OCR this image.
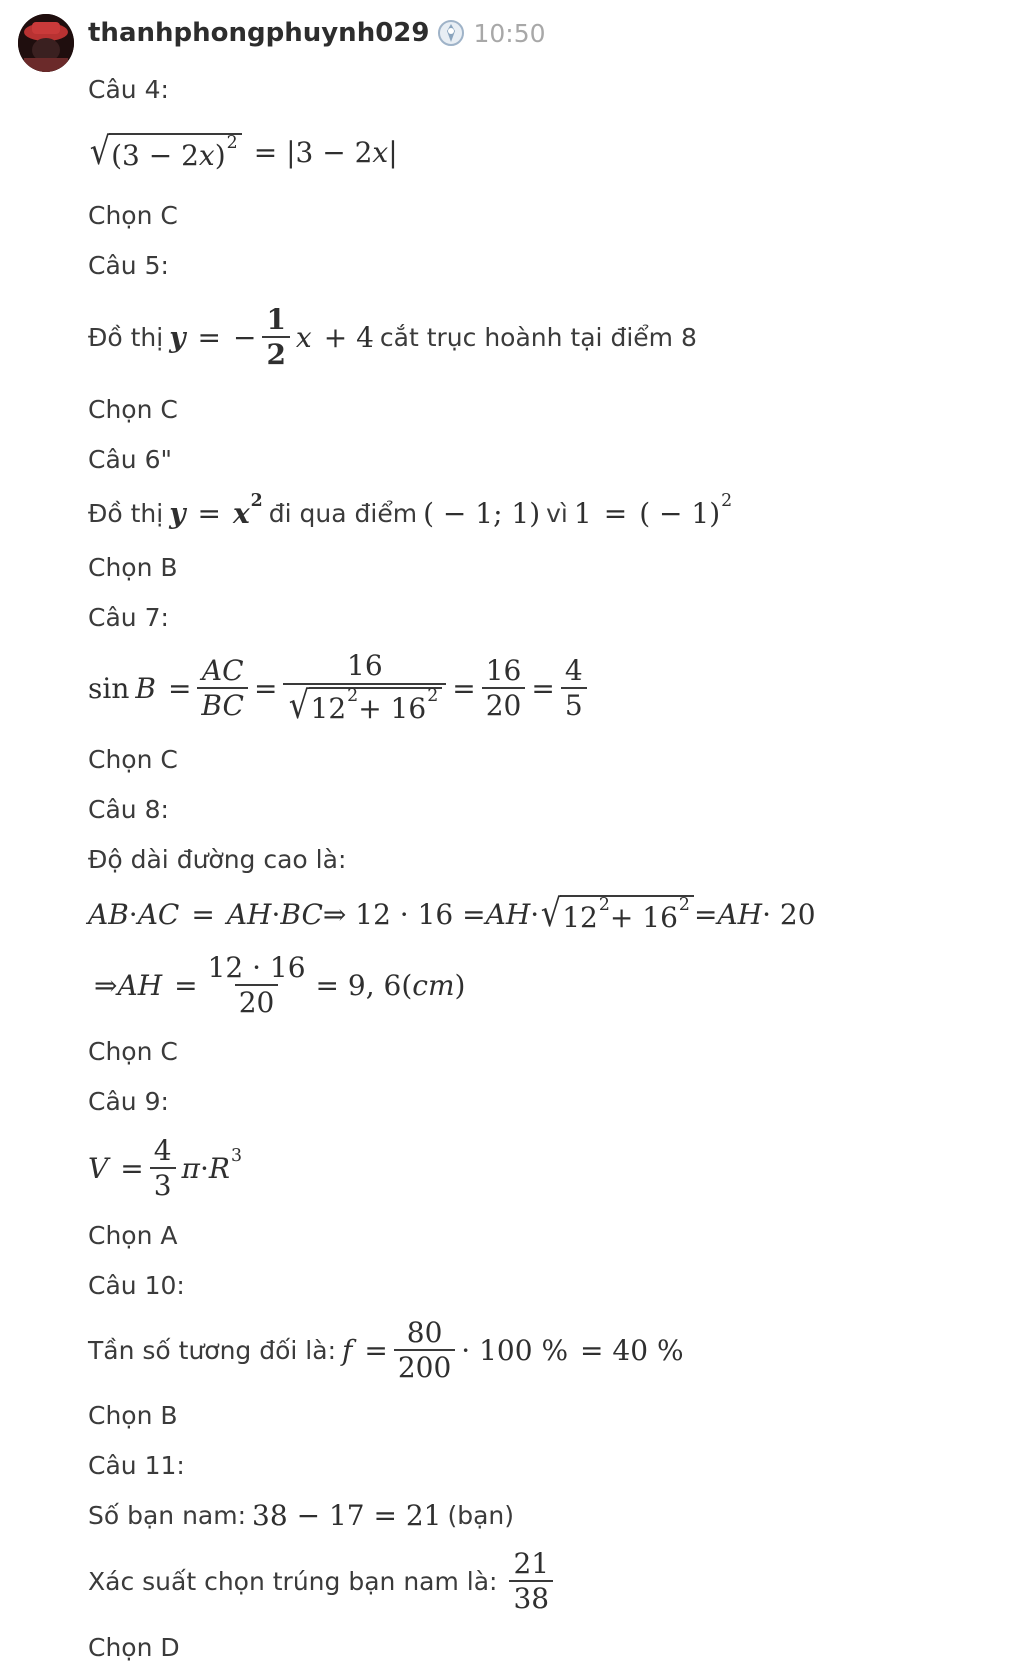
thanhphongphuynh029 10:50
Câu 4:
√ (3 − 2 x ) 2 = |3 − 2 x |
Chọn C
Câu 5:
Đồ thị y =
− $\frac{1}{2}$ x + 4 cắt trục hoành tại điểm 8
Chọn C
Câu 6"
Đồ thị y = x 2 đi qua điểm ( − 1; 1) vì 1
=
( − 1) 2
Chọn B
Câu 7:
$\sin B = \frac{AC}{BC} = \frac{16}{√ 12 2 + 16 2} = \frac{16}{20} = \frac{4}{5}$
Chọn C
Câu 8:
Độ dài đường cao là:
AB · AC = AH · BC ⇒ 12 · 16 = AH · √ 12 2 + 16 2 = AH · 20
⇒ AH = $\frac{12 \cdot 16}{20} = 9$, 6( cm )
Chọn C
Câu 9:
$V = \frac{4}{3}$ π · R 3
Chọn A
Câu 10:
Tần số tương đối là: $f = \frac{80}{200} \cdot 100$ %
= 40 %
Chọn B
Câu 11:
Số bạn nam: 38 − 17 = 21 (bạn)
Xác suất chọn trúng bạn nam là: $\frac{21}{38}$
Chọn D
